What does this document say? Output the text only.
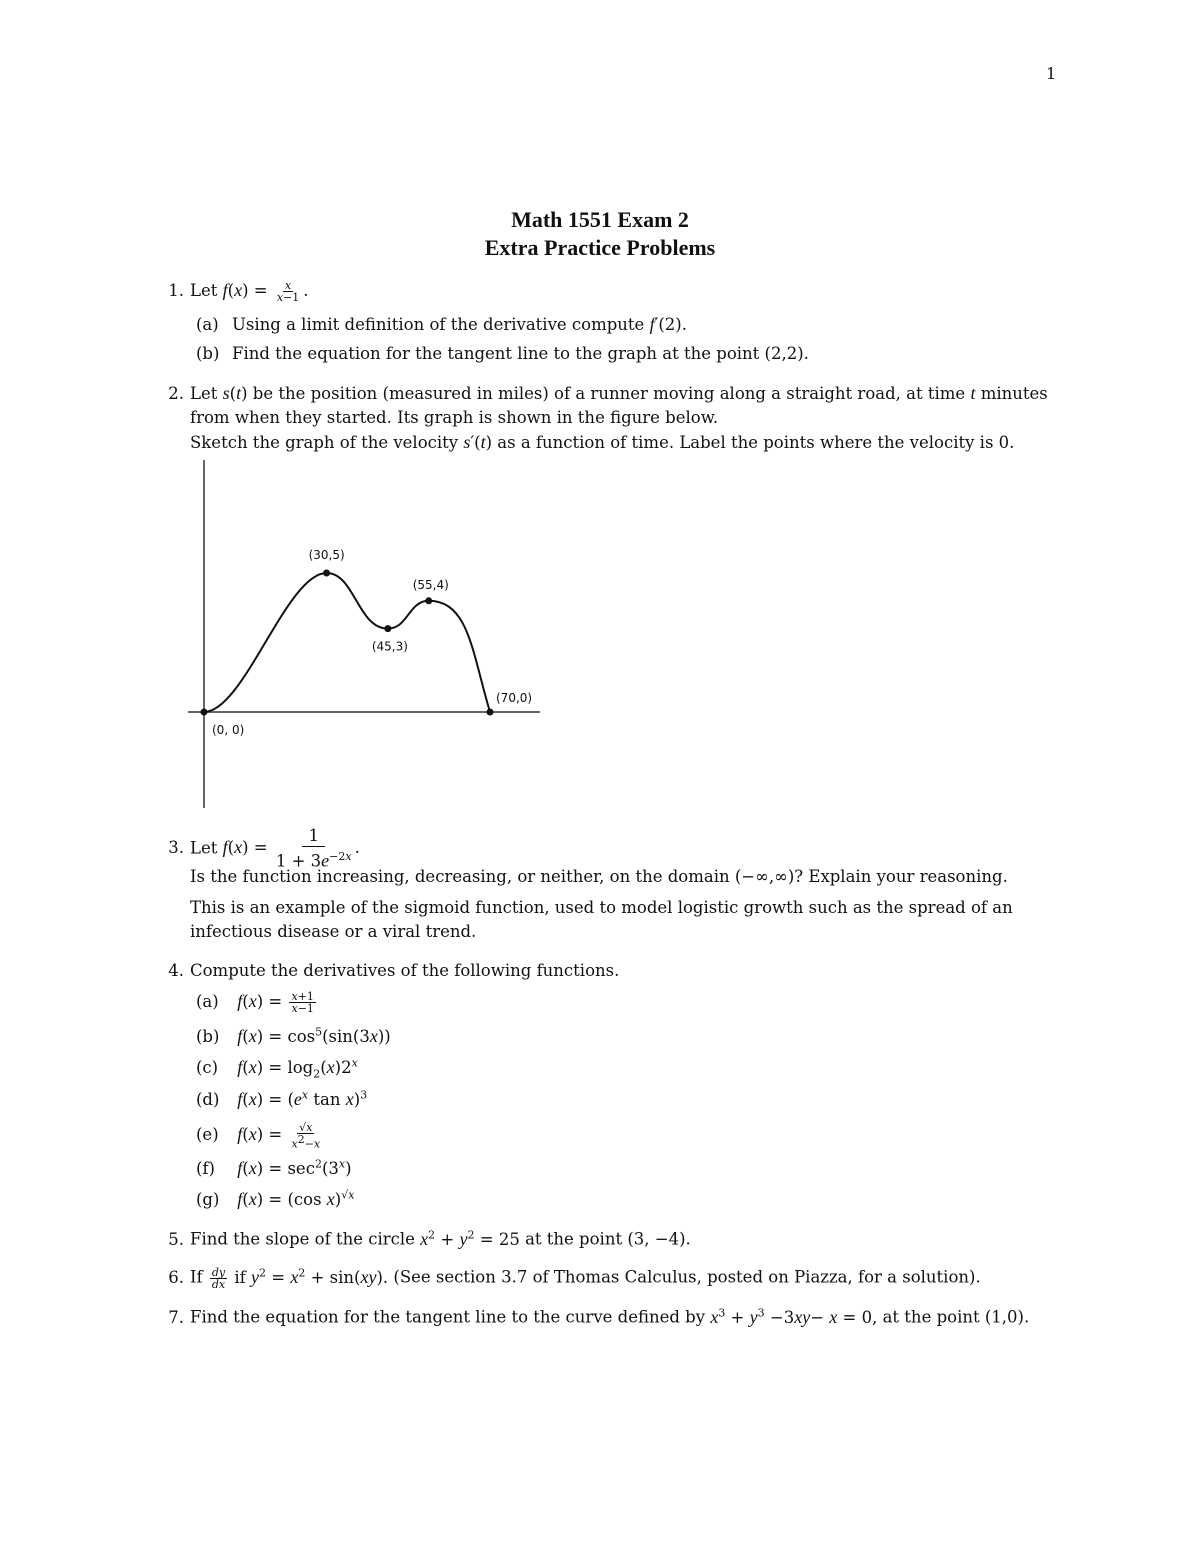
1
Math 1551 Exam 2
Extra Practice Problems
1. Let $f(x) = \frac{x}{x-1}$ .
(a) Using a limit definition of the derivative compute f′(2).
(b) Find the equation for the tangent line to the graph at the point (2,2).
2. Let s(t) be the position (measured in miles) of a runner moving along a straight road, at time t minutes
from when they started. Its graph is shown in the figure below.
Sketch the graph of the velocity s′(t) as a function of time. Label the points where the velocity is 0.
(0, 0)
(30,5)
(45,3)
(55,4)
(70,0)
3. Let $f(x) = \frac{1}{1 + 3e^{-2x}}$ .
Is the function increasing, decreasing, or neither, on the domain (−∞,∞)? Explain your reasoning.
This is an example of the sigmoid function, used to model logistic growth such as the spread of an
infectious disease or a viral trend.
4. Compute the derivatives of the following functions.
(a) $f(x) = \frac{x+1}{x-1}$
(b) $f(x) = \cos^5(\sin(3x))$
(c) $f(x) = \log_2(x)2^x$
(d) $f(x) = (e^x$ tan x)$^3$
(e) $f(x) = \frac{√x}{x^2-x}$
(f) $f(x) = \sec^2(3^x)$
(g) f(x) = (cos x)$^{√x}$
5. Find the slope of the circle $x^2 + y^2 = 25$ at the point (3, −4).
6. If $\frac{dy}{dx}$ if $y^2 = x^2 + \sin(xy)$. (See section 3.7 of Thomas Calculus, posted on Piazza, for a solution).
7. Find the equation for the tangent line to the curve defined by $x^3 + y^3 -3xy- x = 0$, at the point (1,0).
